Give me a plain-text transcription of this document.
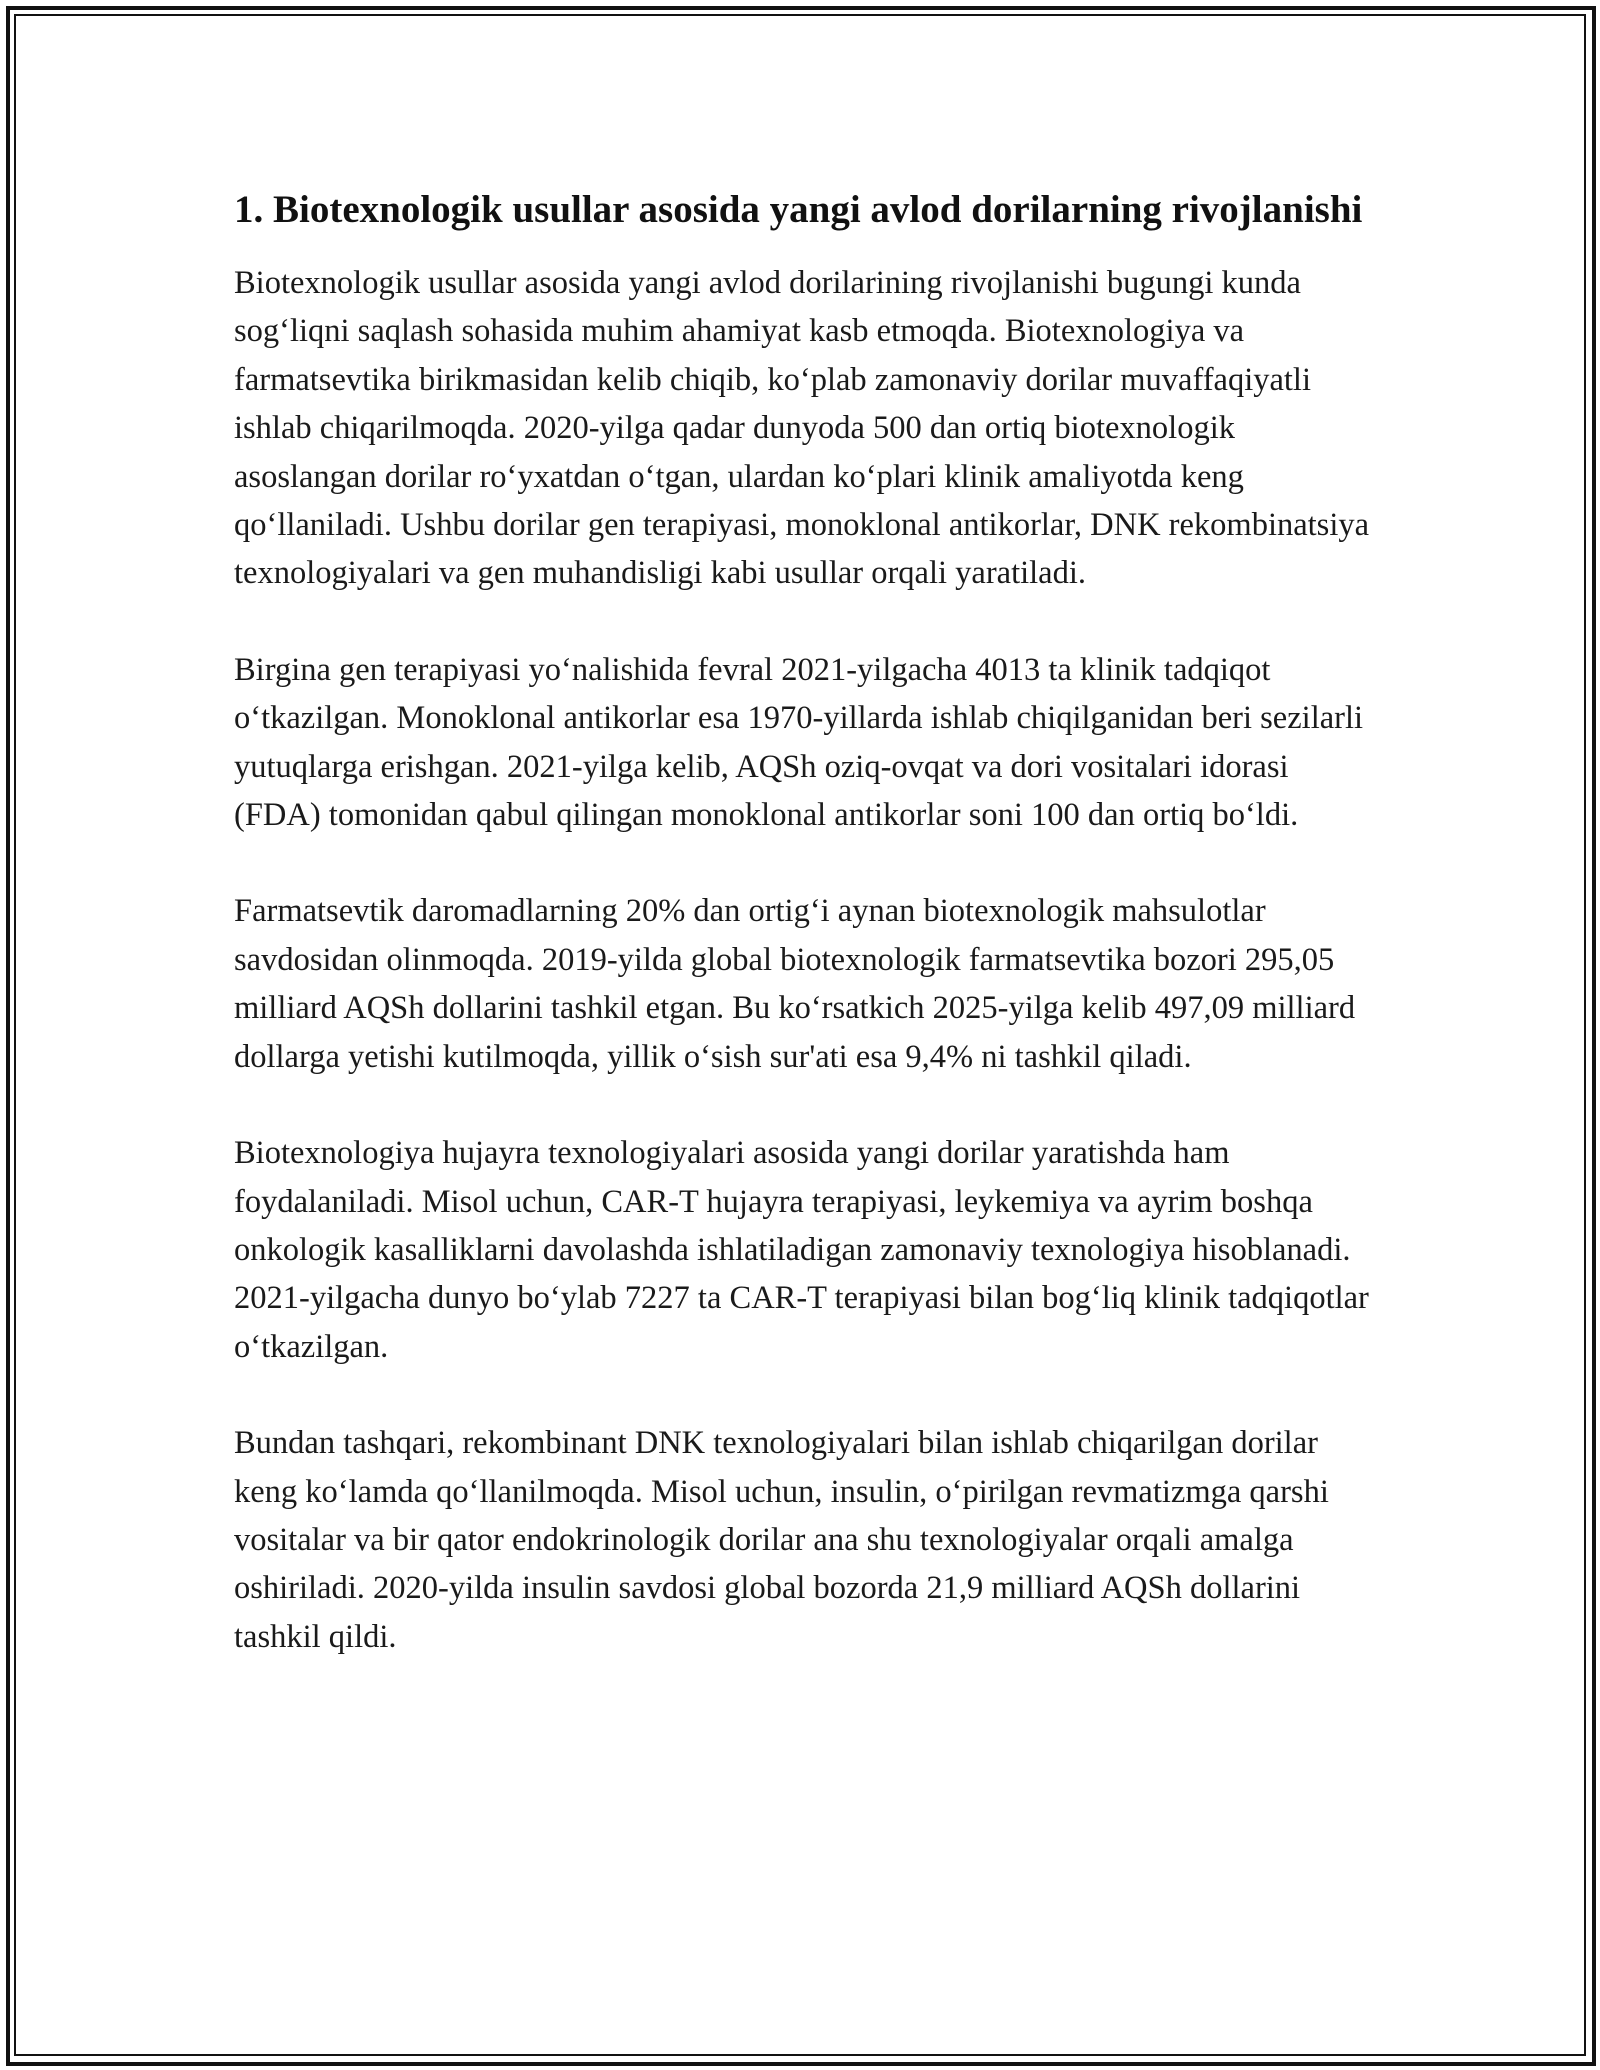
1. Biotexnologik usullar asosida yangi avlod dorilarning rivojlanishi

Biotexnologik usullar asosida yangi avlod dorilarining rivojlanishi bugungi kunda sog‘liqni saqlash sohasida muhim ahamiyat kasb etmoqda. Biotexnologiya va farmatsevtika birikmasidan kelib chiqib, ko‘plab zamonaviy dorilar muvaffaqiyatli ishlab chiqarilmoqda. 2020-yilga qadar dunyoda 500 dan ortiq biotexnologik asoslangan dorilar ro‘yxatdan o‘tgan, ulardan ko‘plari klinik amaliyotda keng qo‘llaniladi. Ushbu dorilar gen terapiyasi, monoklonal antikorlar, DNK rekombinatsiya texnologiyalari va gen muhandisligi kabi usullar orqali yaratiladi.

Birgina gen terapiyasi yo‘nalishida fevral 2021-yilgacha 4013 ta klinik tadqiqot o‘tkazilgan. Monoklonal antikorlar esa 1970-yillarda ishlab chiqilganidan beri sezilarli yutuqlarga erishgan. 2021-yilga kelib, AQSh oziq-ovqat va dori vositalari idorasi (FDA) tomonidan qabul qilingan monoklonal antikorlar soni 100 dan ortiq bo‘ldi.

Farmatsevtik daromadlarning 20% dan ortig‘i aynan biotexnologik mahsulotlar savdosidan olinmoqda. 2019-yilda global biotexnologik farmatsevtika bozori 295,05 milliard AQSh dollarini tashkil etgan. Bu ko‘rsatkich 2025-yilga kelib 497,09 milliard dollarga yetishi kutilmoqda, yillik o‘sish sur'ati esa 9,4% ni tashkil qiladi.

Biotexnologiya hujayra texnologiyalari asosida yangi dorilar yaratishda ham foydalaniladi. Misol uchun, CAR-T hujayra terapiyasi, leykemiya va ayrim boshqa onkologik kasalliklarni davolashda ishlatiladigan zamonaviy texnologiya hisoblanadi. 2021-yilgacha dunyo bo‘ylab 7227 ta CAR-T terapiyasi bilan bog‘liq klinik tadqiqotlar o‘tkazilgan.

Bundan tashqari, rekombinant DNK texnologiyalari bilan ishlab chiqarilgan dorilar keng ko‘lamda qo‘llanilmoqda. Misol uchun, insulin, o‘pirilgan revmatizmga qarshi vositalar va bir qator endokrinologik dorilar ana shu texnologiyalar orqali amalga oshiriladi. 2020-yilda insulin savdosi global bozorda 21,9 milliard AQSh dollarini tashkil qildi.
